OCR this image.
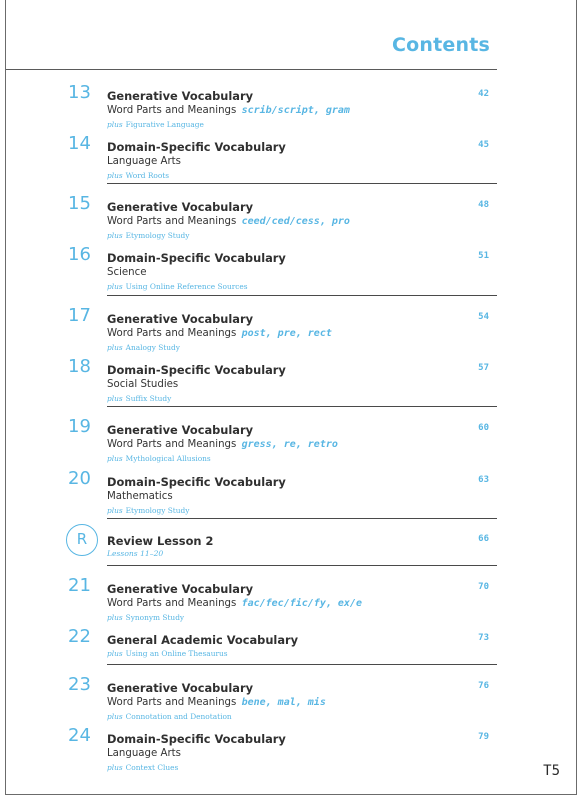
Contents
13	Generative Vocabulary
Word Parts and Meanings scrib/script, gram
plus Figurative Language
42
14	Domain-Specific Vocabulary
Language Arts
plus Word Roots
45
15	Generative Vocabulary
Word Parts and Meanings ceed/ced/cess, pro
plus Etymology Study
48
16	Domain-Specific Vocabulary
Science
plus Using Online Reference Sources
51
17	Generative Vocabulary
Word Parts and Meanings post, pre, rect
plus Analogy Study
54
18	Domain-Specific Vocabulary
Social Studies
plus Suffix Study
57
19	Generative Vocabulary
Word Parts and Meanings gress, re, retro
plus Mythological Allusions
60
20	Domain-Specific Vocabulary
Mathematics
plus Etymology Study
63
R	Review Lesson 2
Lessons 11–20
66
21	Generative Vocabulary
Word Parts and Meanings fac/fec/fic/fy, ex/e
plus Synonym Study
70
22	General Academic Vocabulary
plus Using an Online Thesaurus
73
23	Generative Vocabulary
Word Parts and Meanings bene, mal, mis
plus Connotation and Denotation
76
24	Domain-Specific Vocabulary
Language Arts
plus Context Clues
79
T5
